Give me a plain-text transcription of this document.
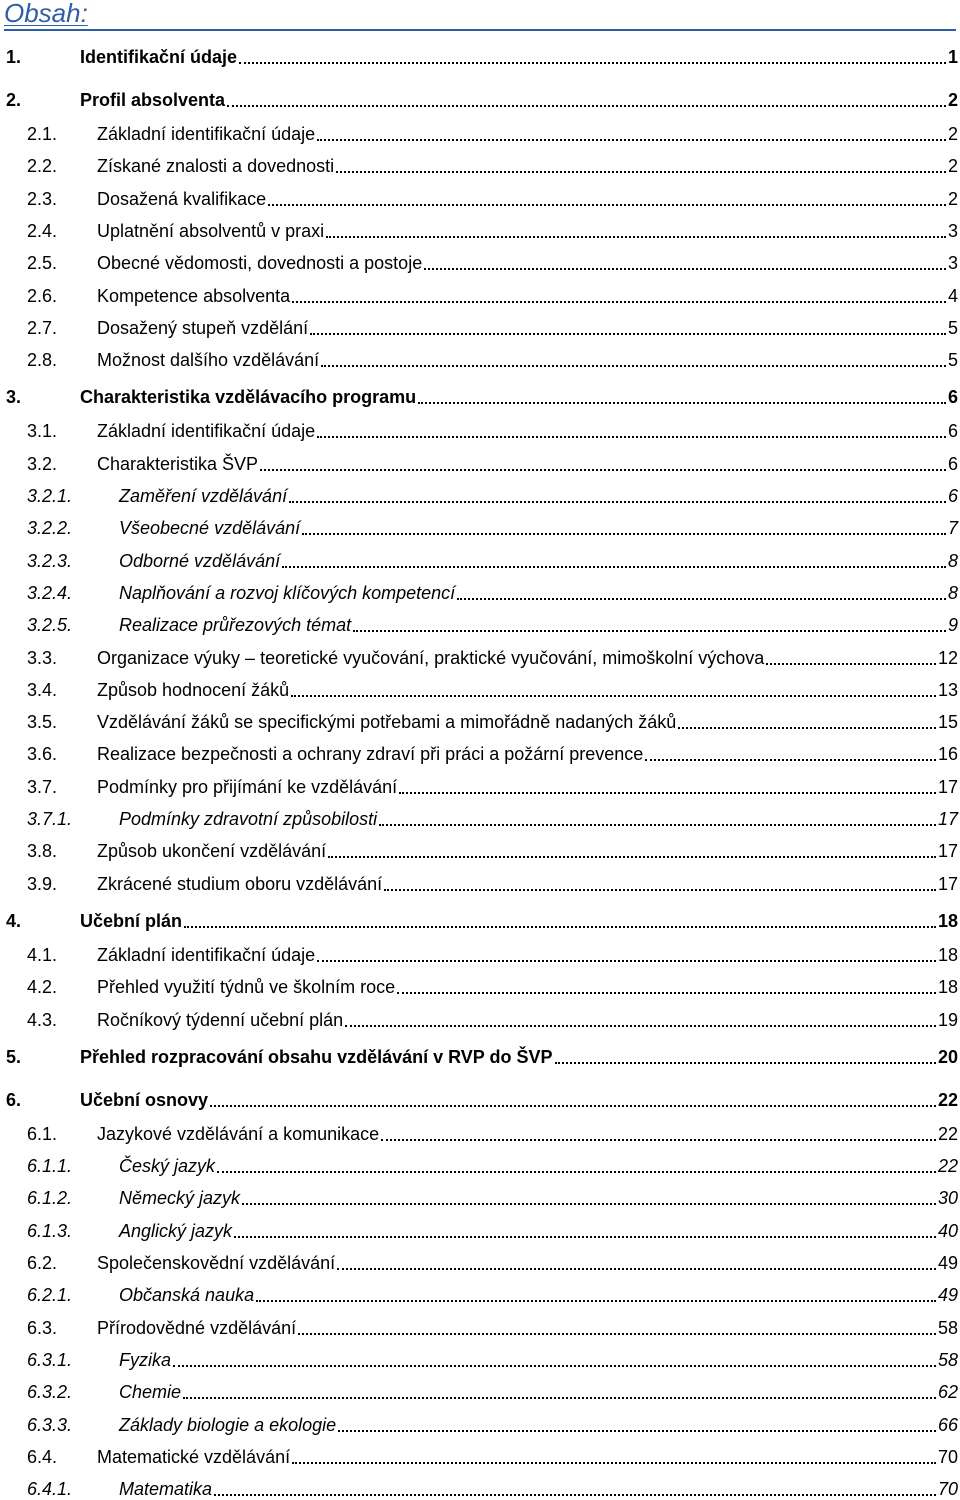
Obsah:
1.	Identifikační údaje	1
2.	Profil absolventa	2
2.1.	Základní identifikační údaje	2
2.2.	Získané znalosti a dovednosti	2
2.3.	Dosažená kvalifikace	2
2.4.	Uplatnění absolventů v praxi	3
2.5.	Obecné vědomosti, dovednosti a postoje	3
2.6.	Kompetence absolventa	4
2.7.	Dosažený stupeň vzdělání	5
2.8.	Možnost dalšího vzdělávání	5
3.	Charakteristika vzdělávacího programu	6
3.1.	Základní identifikační údaje	6
3.2.	Charakteristika ŠVP	6
3.2.1.	Zaměření vzdělávání	6
3.2.2.	Všeobecné vzdělávání	7
3.2.3.	Odborné vzdělávání	8
3.2.4.	Naplňování a rozvoj klíčových kompetencí	8
3.2.5.	Realizace průřezových témat	9
3.3.	Organizace výuky – teoretické vyučování, praktické vyučování, mimoškolní výchova	12
3.4.	Způsob hodnocení žáků	13
3.5.	Vzdělávání žáků se specifickými potřebami a mimořádně nadaných žáků	15
3.6.	Realizace bezpečnosti a ochrany zdraví při práci a požární prevence	16
3.7.	Podmínky pro přijímání ke vzdělávání	17
3.7.1.	Podmínky zdravotní způsobilosti	17
3.8.	Způsob ukončení vzdělávání	17
3.9.	Zkrácené studium oboru vzdělávání	17
4.	Učební plán	18
4.1.	Základní identifikační údaje	18
4.2.	Přehled využití týdnů ve školním roce	18
4.3.	Ročníkový týdenní učební plán	19
5.	Přehled rozpracování obsahu vzdělávání v RVP do ŠVP	20
6.	Učební osnovy	22
6.1.	Jazykové vzdělávání a komunikace	22
6.1.1.	Český jazyk	22
6.1.2.	Německý jazyk	30
6.1.3.	Anglický jazyk	40
6.2.	Společenskovědní vzdělávání	49
6.2.1.	Občanská nauka	49
6.3.	Přírodovědné vzdělávání	58
6.3.1.	Fyzika	58
6.3.2.	Chemie	62
6.3.3.	Základy biologie a ekologie	66
6.4.	Matematické vzdělávání	70
6.4.1.	Matematika	70
